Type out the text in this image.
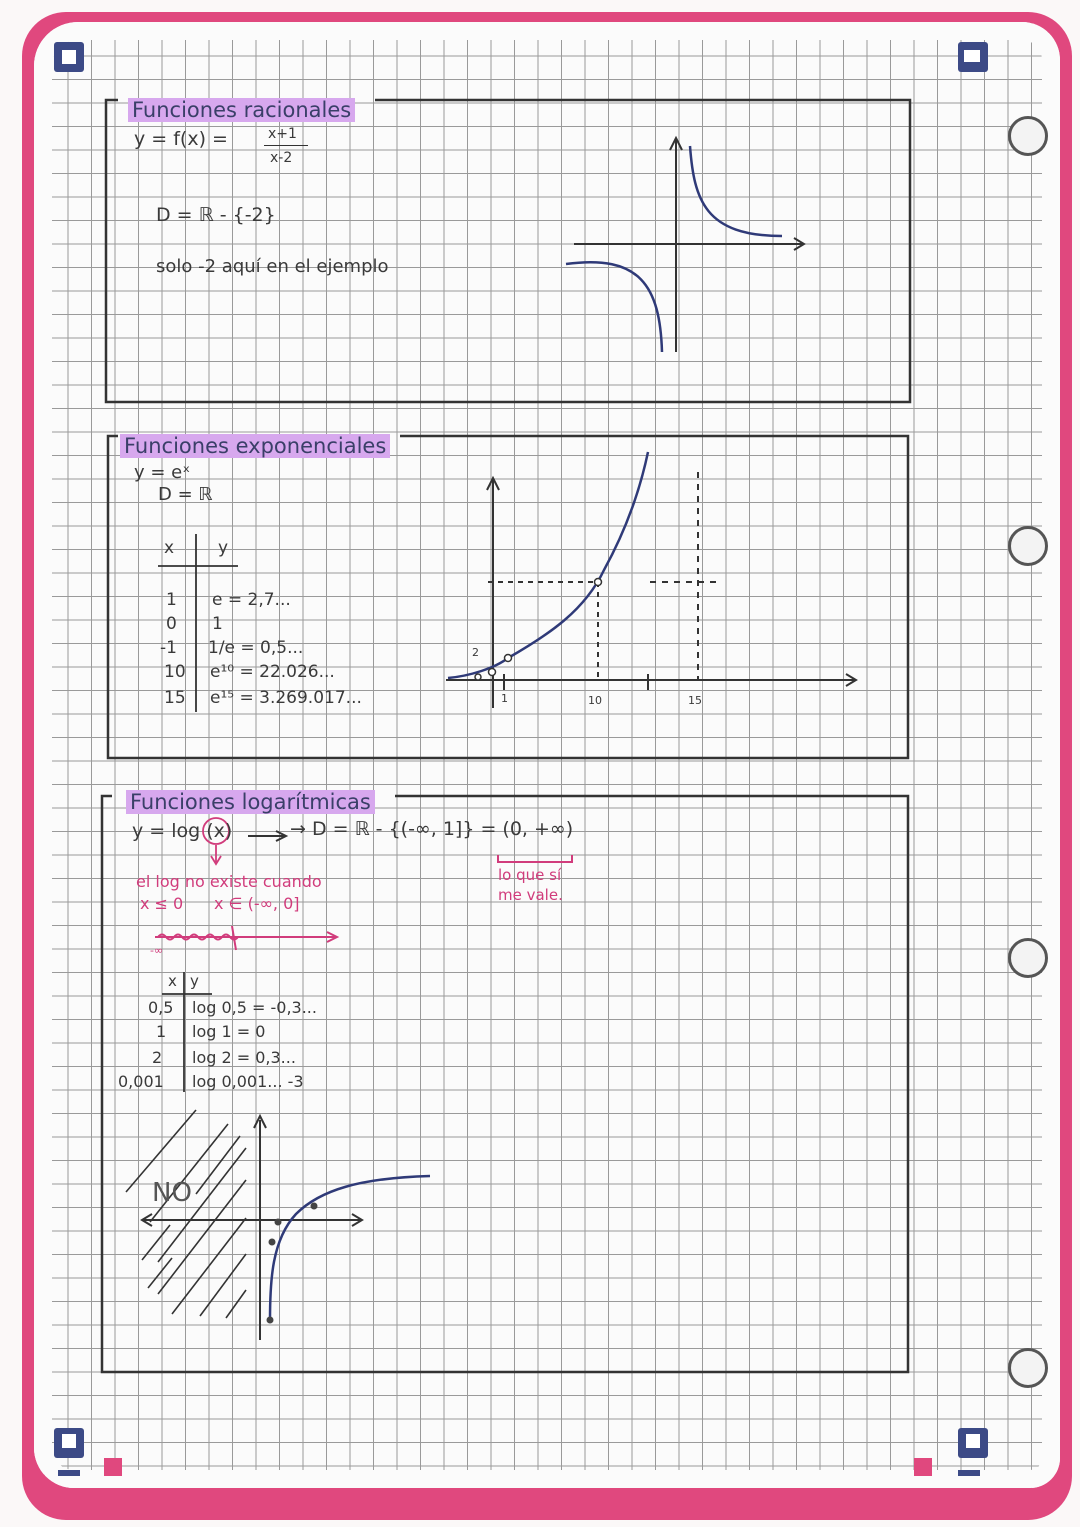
Funciones racionales
y = f(x) =	x+1
x-2
D = ℝ - {-2}
solo -2 aquí en el ejemplo
Funciones exponenciales
y = eˣ
D = ℝ
x	y
1 e = 2,7...
0 1
-1 1/e = 0,5...
10 e¹⁰ = 22.026...
15 e¹⁵ = 3.269.017...
2
1	10	15
Funciones logarítmicas
y = log (x)	→ D = ℝ - {(-∞, 1]} = (0, +∞)
el log no existe cuando
x ≤ 0 x ∈ (-∞, 0]
lo que sí
me vale.
-∞
x y
0,5 log 0,5 = -0,3...
1 log 1 = 0
2 log 2 = 0,3...
0,001 log 0,001... -3
NO
